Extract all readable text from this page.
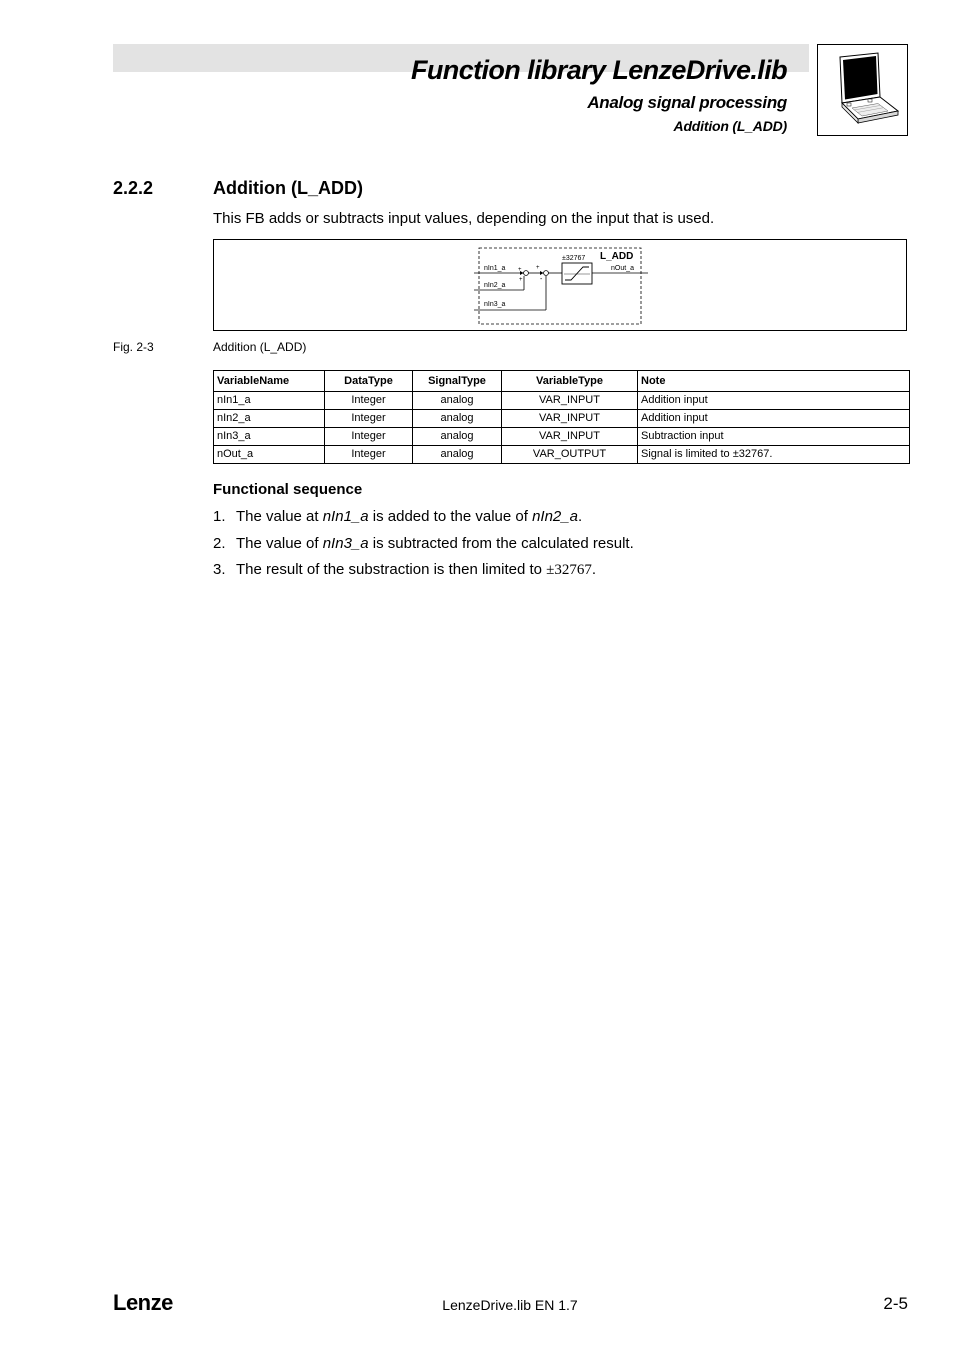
Function library LenzeDrive.lib
Analog signal processing
Addition (L_ADD)
2.2.2	Addition (L_ADD)
This FB adds or subtracts input values, depending on the input that is used.
L_ADD
±32767
nIn1_a
nIn2_a
nIn3_a
nOut_a
+ +
+ -
Fig. 2-3	Addition (L_ADD)
VariableName	DataType	SignalType	VariableType	Note
nIn1_a	Integer	analog	VAR_INPUT	Addition input
nIn2_a	Integer	analog	VAR_INPUT	Addition input
nIn3_a	Integer	analog	VAR_INPUT	Subtraction input
nOut_a	Integer	analog	VAR_OUTPUT	Signal is limited to ±32767.
Functional sequence
1. The value at nIn1_a is added to the value of nIn2_a.
2. The value of nIn3_a is subtracted from the calculated result.
3. The result of the substraction is then limited to ±32767.
Lenze	LenzeDrive.lib EN 1.7	2-5
